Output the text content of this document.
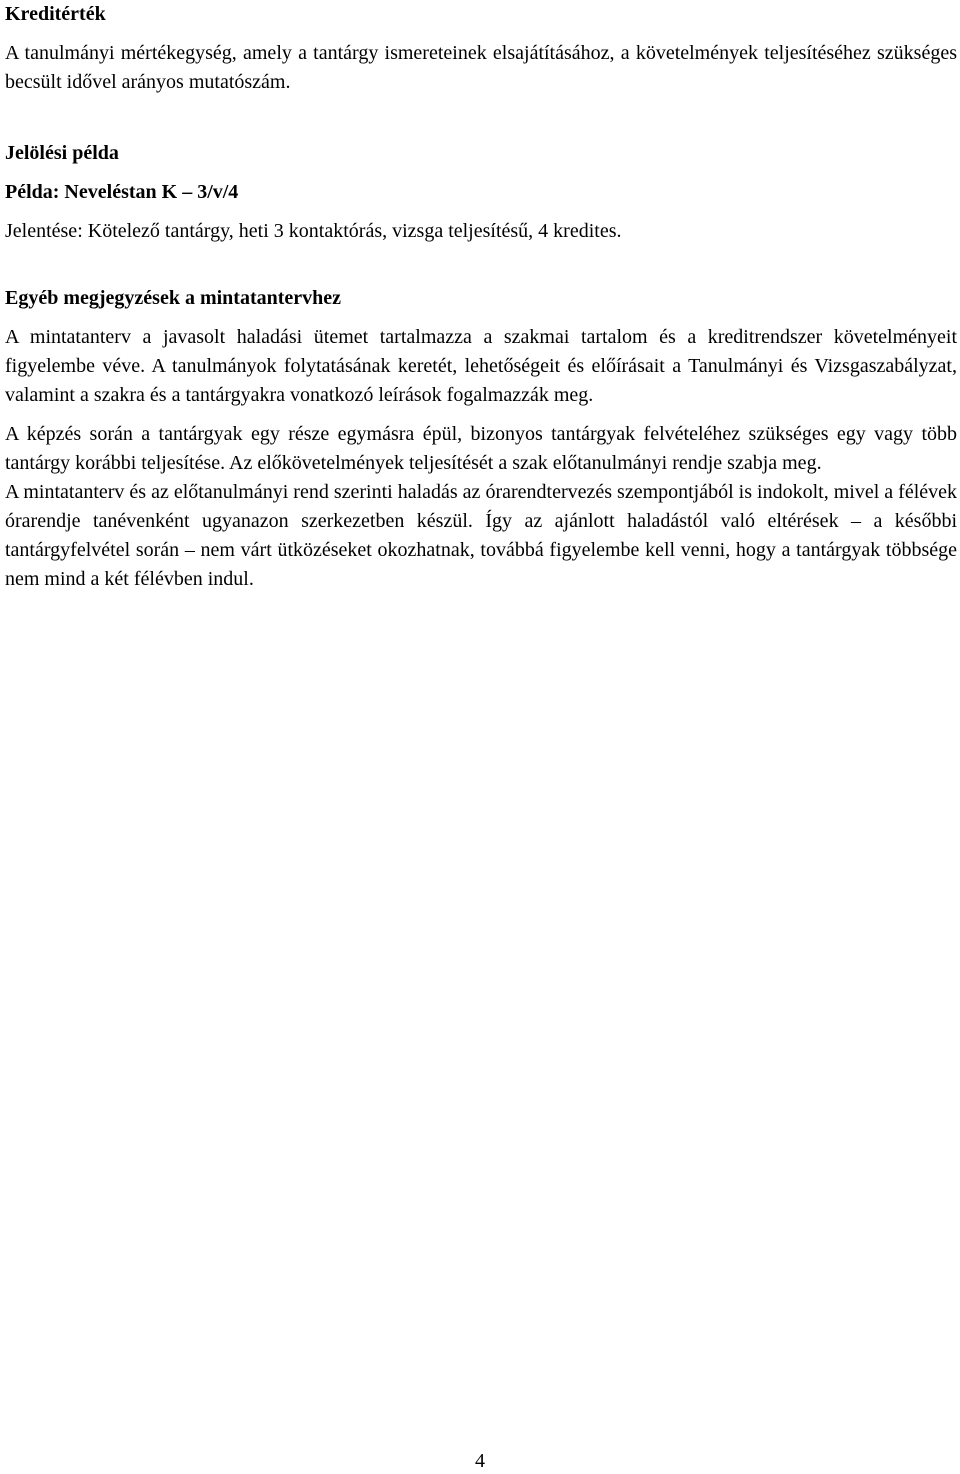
Kreditérték

A tanulmányi mértékegység, amely a tantárgy ismereteinek elsajátításához, a követelmények teljesítéséhez szükséges becsült idővel arányos mutatószám.

Jelölési példa

Példa: Neveléstan K – 3/v/4

Jelentése: Kötelező tantárgy, heti 3 kontaktórás, vizsga teljesítésű, 4 kredites.

Egyéb megjegyzések a mintatantervhez

A mintatanterv a javasolt haladási ütemet tartalmazza a szakmai tartalom és a kreditrendszer követelményeit figyelembe véve. A tanulmányok folytatásának keretét, lehetőségeit és előírásait a Tanulmányi és Vizsgaszabályzat, valamint a szakra és a tantárgyakra vonatkozó leírások fogalmazzák meg.

A képzés során a tantárgyak egy része egymásra épül, bizonyos tantárgyak felvételéhez szükséges egy vagy több tantárgy korábbi teljesítése. Az előkövetelmények teljesítését a szak előtanulmányi rendje szabja meg.

A mintatanterv és az előtanulmányi rend szerinti haladás az órarendtervezés szempontjából is indokolt, mivel a félévek órarendje tanévenként ugyanazon szerkezetben készül. Így az ajánlott haladástól való eltérések – a későbbi tantárgyfelvétel során – nem várt ütközéseket okozhatnak, továbbá figyelembe kell venni, hogy a tantárgyak többsége nem mind a két félévben indul.

4
